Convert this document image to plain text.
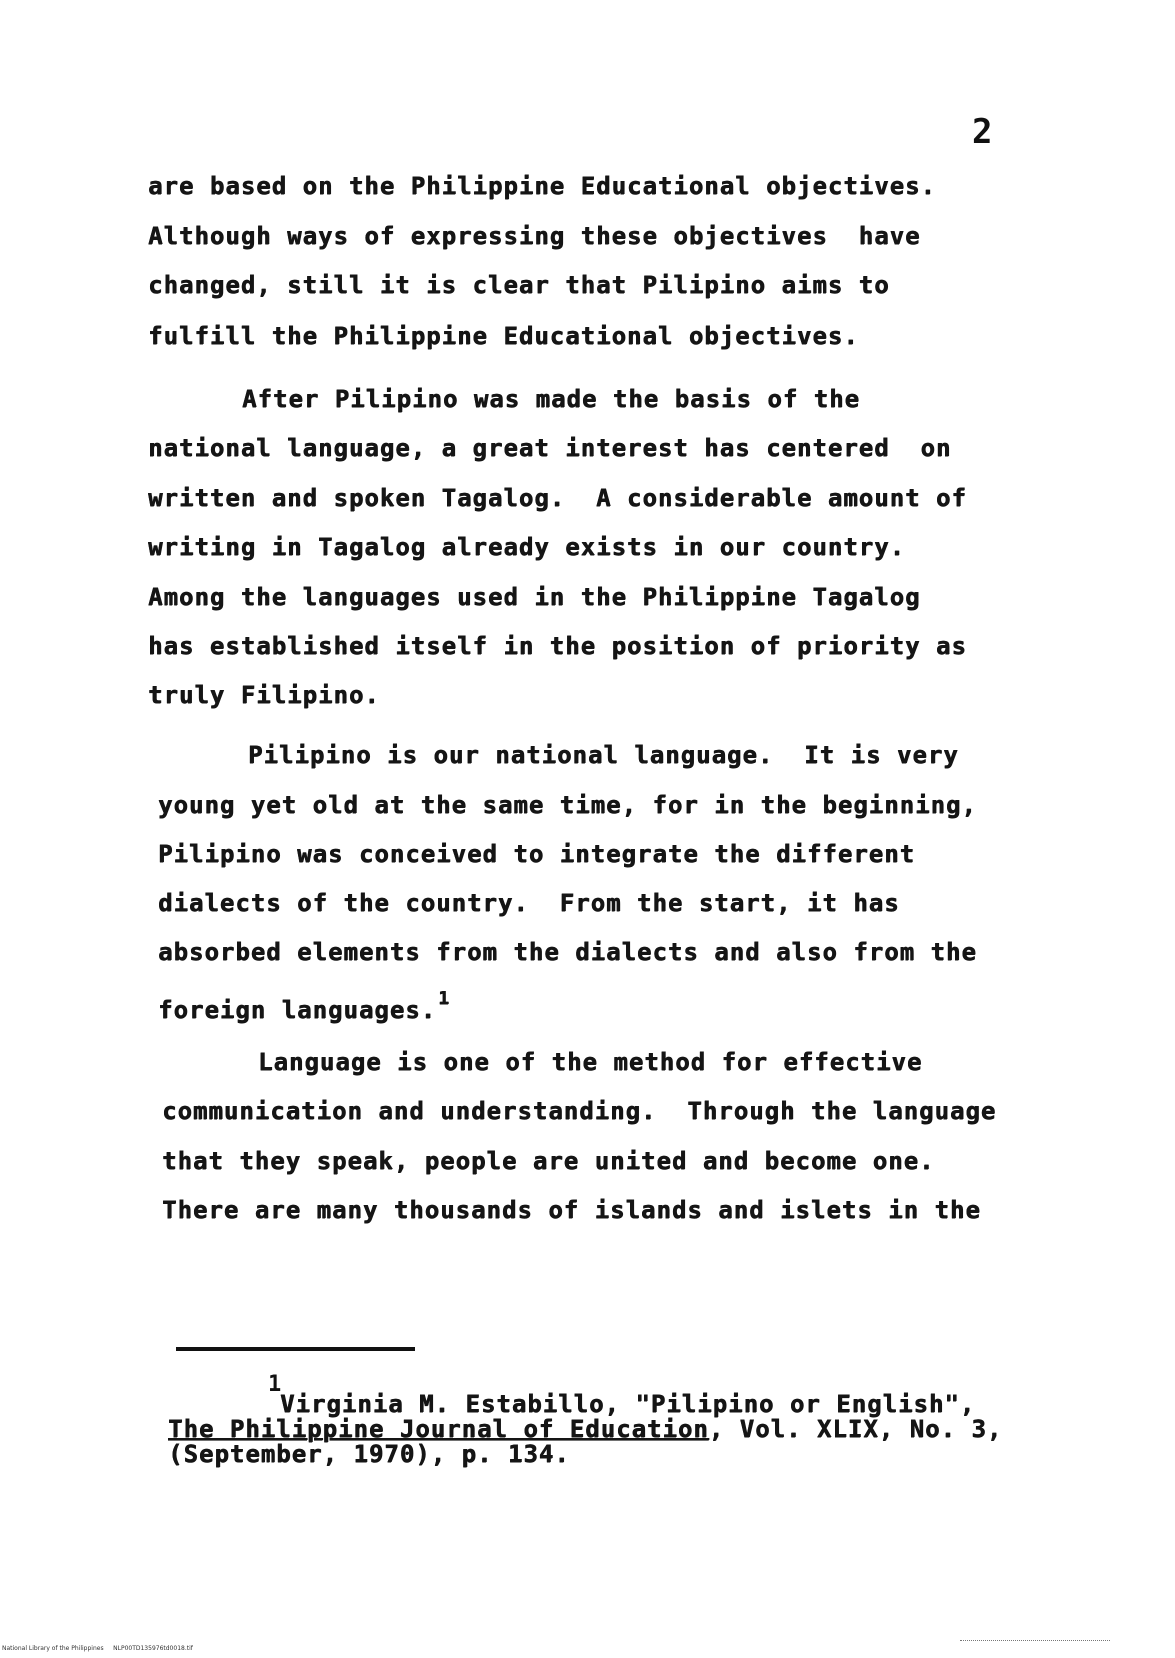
2
are based on the Philippine Educational objectives.
Although ways of expressing these objectives  have
changed, still it is clear that Pilipino aims to
fulfill the Philippine Educational objectives.
After Pilipino was made the basis of the
national language, a great interest has centered  on
written and spoken Tagalog.  A considerable amount of
writing in Tagalog already exists in our country.
Among the languages used in the Philippine Tagalog
has established itself in the position of priority as
truly Filipino.
Pilipino is our national language.  It is very
young yet old at the same time, for in the beginning,
Pilipino was conceived to integrate the different
dialects of the country.  From the start, it has
absorbed elements from the dialects and also from the
foreign languages. $^1$
Language is one of the method for effective
communication and understanding.  Through the language
that they speak, people are united and become one.
There are many thousands of islands and islets in the
1
Virginia M. Estabillo, "Pilipino or English",
The Philippine Journal of Education, Vol. XLIX, No. 3,
(September, 1970), p. 134.
National Library of the Philippines NLP00TD135976td0018.tif
